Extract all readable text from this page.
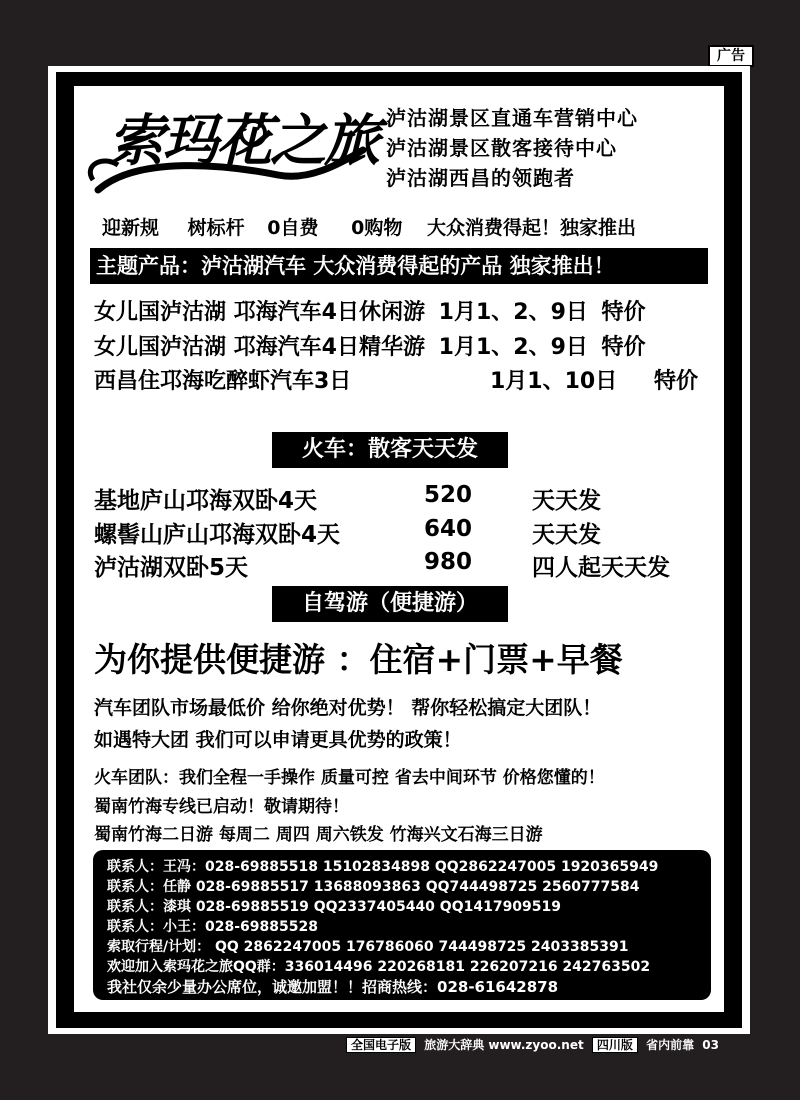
广告
索玛花之旅 泸沽湖景区直通车营销中心
泸沽湖景区散客接待中心
泸沽湖西昌的领跑者
迎新规 树标杆 0自费 0购物 大众消费得起！独家推出
主题产品：泸沽湖汽车 大众消费得起的产品 独家推出！
女儿国泸沽湖 邛海汽车4日休闲游 1月1、2、9日 特价
女儿国泸沽湖 邛海汽车4日精华游 1月1、2、9日 特价
西昌住邛海吃醉虾汽车3日	1月1、10日 特价
火车：散客天天发
基地庐山邛海双卧4天	520	天天发
螺髻山庐山邛海双卧4天	640	天天发
泸沽湖双卧5天	980	四人起天天发
自驾游（便捷游）
为你提供便捷游 ：住宿+门票+早餐
汽车团队市场最低价 给你绝对优势！ 帮你轻松搞定大团队！
如遇特大团 我们可以申请更具优势的政策！
火车团队：我们全程一手操作 质量可控 省去中间环节 价格您懂的！
蜀南竹海专线已启动！敬请期待！
蜀南竹海二日游 每周二 周四 周六铁发 竹海兴文石海三日游
联系人：王冯：028-69885518 15102834898 QQ2862247005 1920365949
联系人：任静 028-69885517 13688093863 QQ744498725 2560777584
联系人：漆琪 028-69885519 QQ2337405440 QQ1417909519
联系人：小王：028-69885528
索取行程/计划： QQ 2862247005 176786060 744498725 2403385391
欢迎加入索玛花之旅QQ群：336014496 220268181 226207216 242763502
我社仅余少量办公席位，诚邀加盟！！招商热线：028-61642878
全国电子版 旅游大辞典 www.zyoo.net 四川版 省内前靠 03
